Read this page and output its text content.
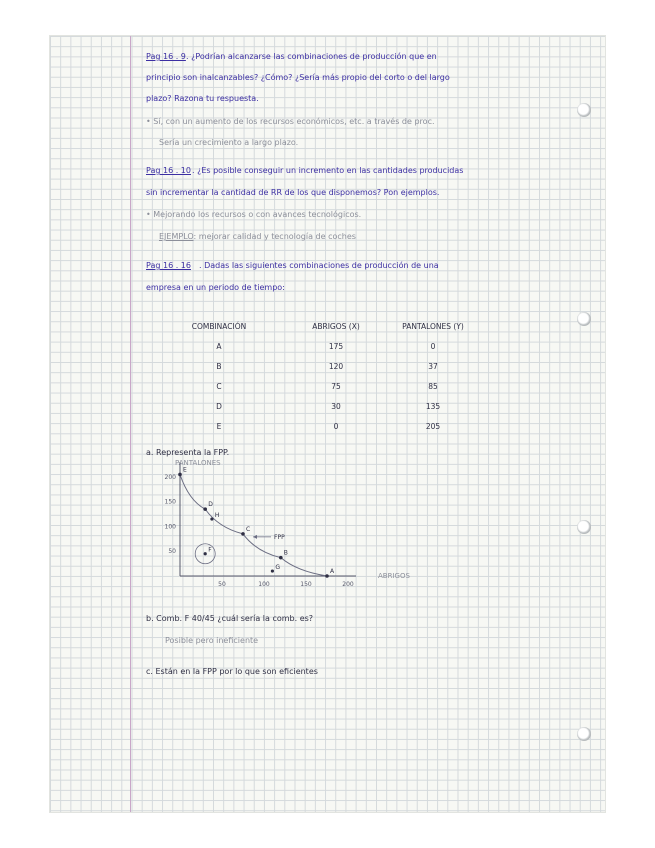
Pag 16 . 9 . ¿Podrían alcanzarse las combinaciones de producción que en
principio son inalcanzables? ¿Cómo? ¿Sería más propio del corto o del largo
plazo? Razona tu respuesta.
• Sí, con un aumento de los recursos económicos, etc. a través de proc.
Sería un crecimiento a largo plazo.
Pag 16 . 10 . ¿Es posible conseguir un incremento en las cantidades producidas
sin incrementar la cantidad de RR de los que disponemos? Pon ejemplos.
• Mejorando los recursos o con avances tecnológicos.
EJEMPLO: mejorar calidad y tecnología de coches
Pag 16 . 16 . Dadas las siguientes combinaciones de producción de una
empresa en un periodo de tiempo:
COMBINACIÓN	ABRIGOS (X)	PANTALONES (Y)
A	175	0
B	120	37
C	75	85
D	30	135
E	0	205
a. Representa la FPP.
PANTALONES
50	100	150	200
50
100
150
200
E
D
C
B
A
H
F
G
FPP
ABRIGOS
b. Comb. F 40/45 ¿cuál sería la comb. es?
Posible pero ineficiente
c. Están en la FPP por lo que son eficientes
